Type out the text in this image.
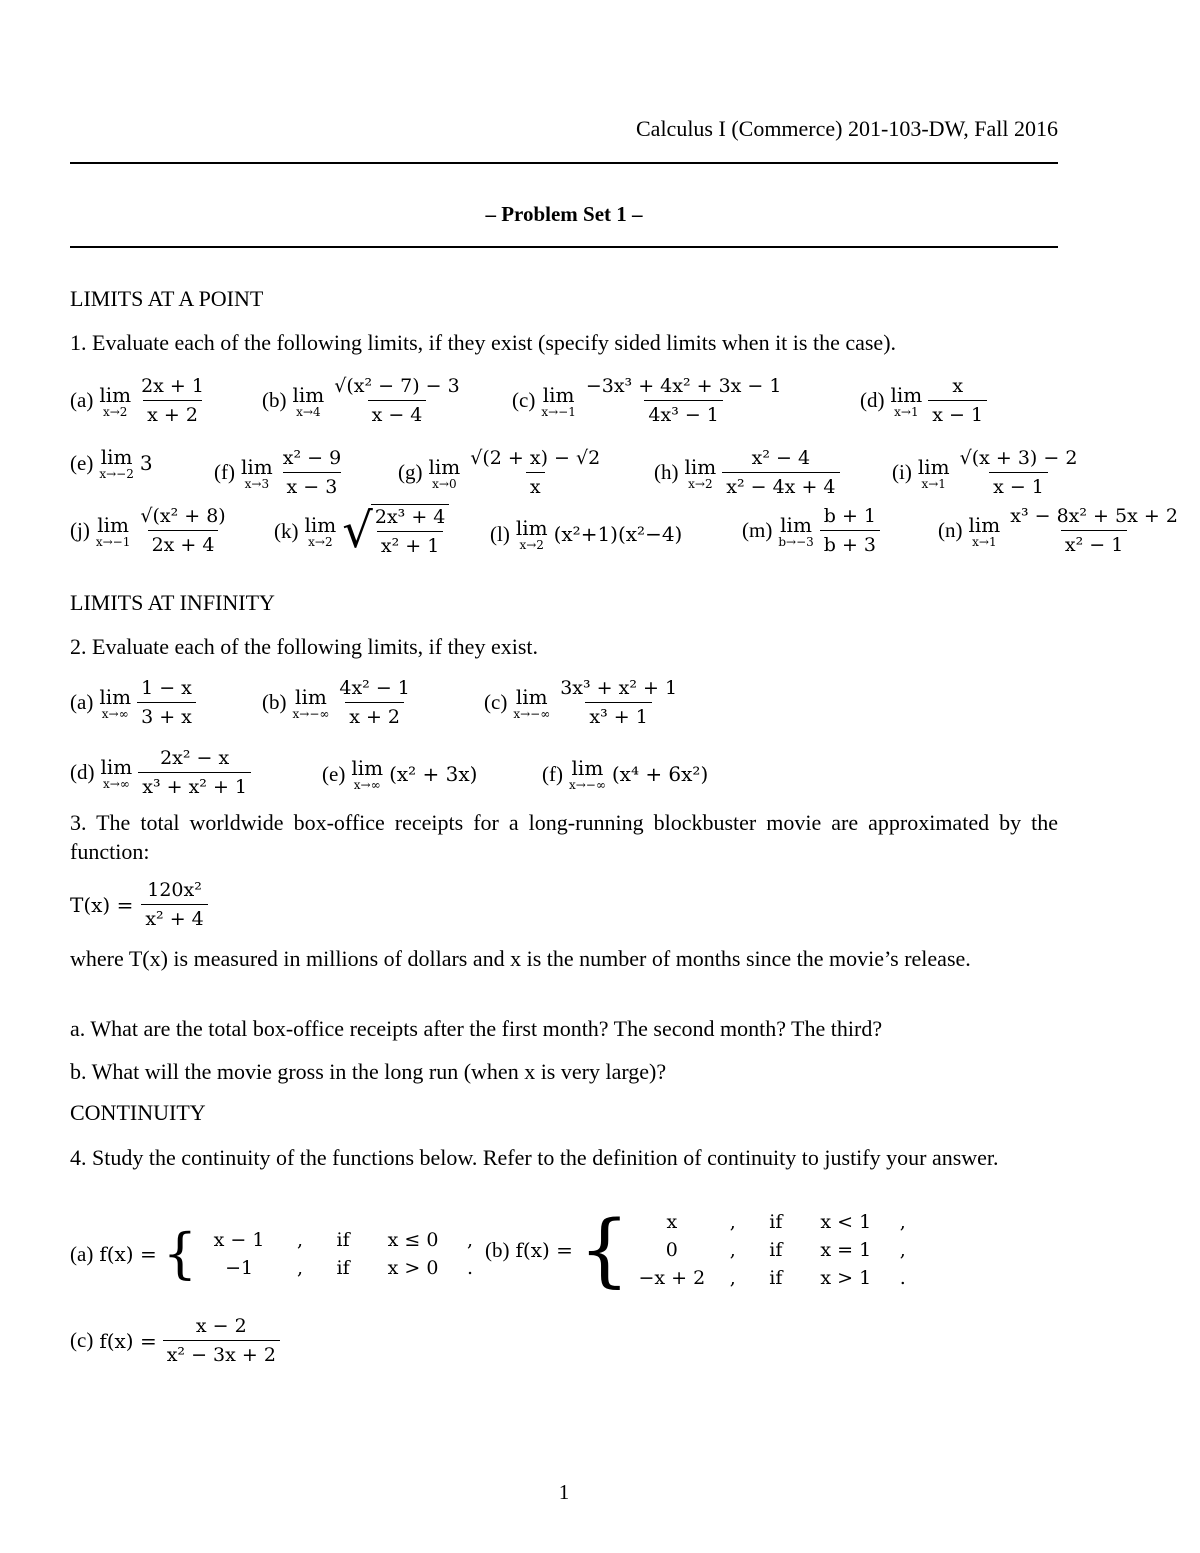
Calculus I (Commerce) 201-103-DW, Fall 2016
– Problem Set 1 –
LIMITS AT A POINT
1. Evaluate each of the following limits, if they exist (specify sided limits when it is the case).
(a) lim
$x\to 2 \frac{2x + 1}{x + 2}$	(b) lim
$x\to 4 \frac{\text{√(x² − 7) − 3}}{x - 4} (c)$ lim
$x\to-1 \frac{\text{−3x³ + 4x² + 3x − 1}}{\text{4x³ − 1}}$	(d) lim
$x\to 1 \frac{x}{x - 1}$
(e) lim
x→−2 3	(f) lim
$x\to 3 \frac{\text{x² − 9}}{x - 3}$	(g) lim
$x\to 0 \frac{√(2 + x) - √2}{x} (h)$ lim
$x\to 2 \frac{\text{x² − 4}}{\text{x² − 4x + 4}}$	(i) lim
$x\to 1 \frac{√(x + 3) - 2}{x - 1}$
(j) lim
$x\to-1 \frac{\text{√(x² + 8)}}{2x + 4} (k)$ lim
x→2 √
$\frac{\text{2x³ + 4}}{\text{x² + 1}} (l)$ lim
x→2 (x²+1)(x²−4)	(m) lim
$b\to-3 \frac{b + 1}{b + 3}$	(n) lim
$x\to 1 \frac{\text{x³ − 8x² + 5x + 2}}{\text{x² − 1}}$
LIMITS AT INFINITY
2. Evaluate each of the following limits, if they exist.
(a) lim
$x\to\infty \frac{1 - x}{3 + x}$	(b) lim
$x\to-\infty \frac{\text{4x² − 1}}{x + 2}$	(c) lim
$x\to-\infty \frac{\text{3x³ + x² + 1}}{\text{x³ + 1}}$
(d) lim
$x\to\infty \frac{\text{2x² − x}}{\text{x³ + x² + 1}}$	(e) lim
x→∞ (x² + 3x)	(f) lim
x→−∞ (x⁴ + 6x²)
3. The total worldwide box-office receipts for a long-running blockbuster movie are approximated by the function:
$T(x) = \frac{\text{120x²}}{\text{x² + 4}}$
where T(x) is measured in millions of dollars and x is the number of months since the movie’s release.
a. What are the total box-office receipts after the first month? The second month? The third?
b. What will the movie gross in the long run (when x is very large)?
CONTINUITY
4. Study the continuity of the functions below. Refer to the definition of continuity to justify your answer.
(a) f(x) = { x − 1 , if x ≤ 0 ,
−1 , if x > 0 .
(b) f(x) = {	x	, if x < 1 ,
0	, if x = 1 ,
−x + 2 , if x > 1 .
(c) $f(x) = \frac{x - 2}{\text{x² − 3x + 2}}$
1
